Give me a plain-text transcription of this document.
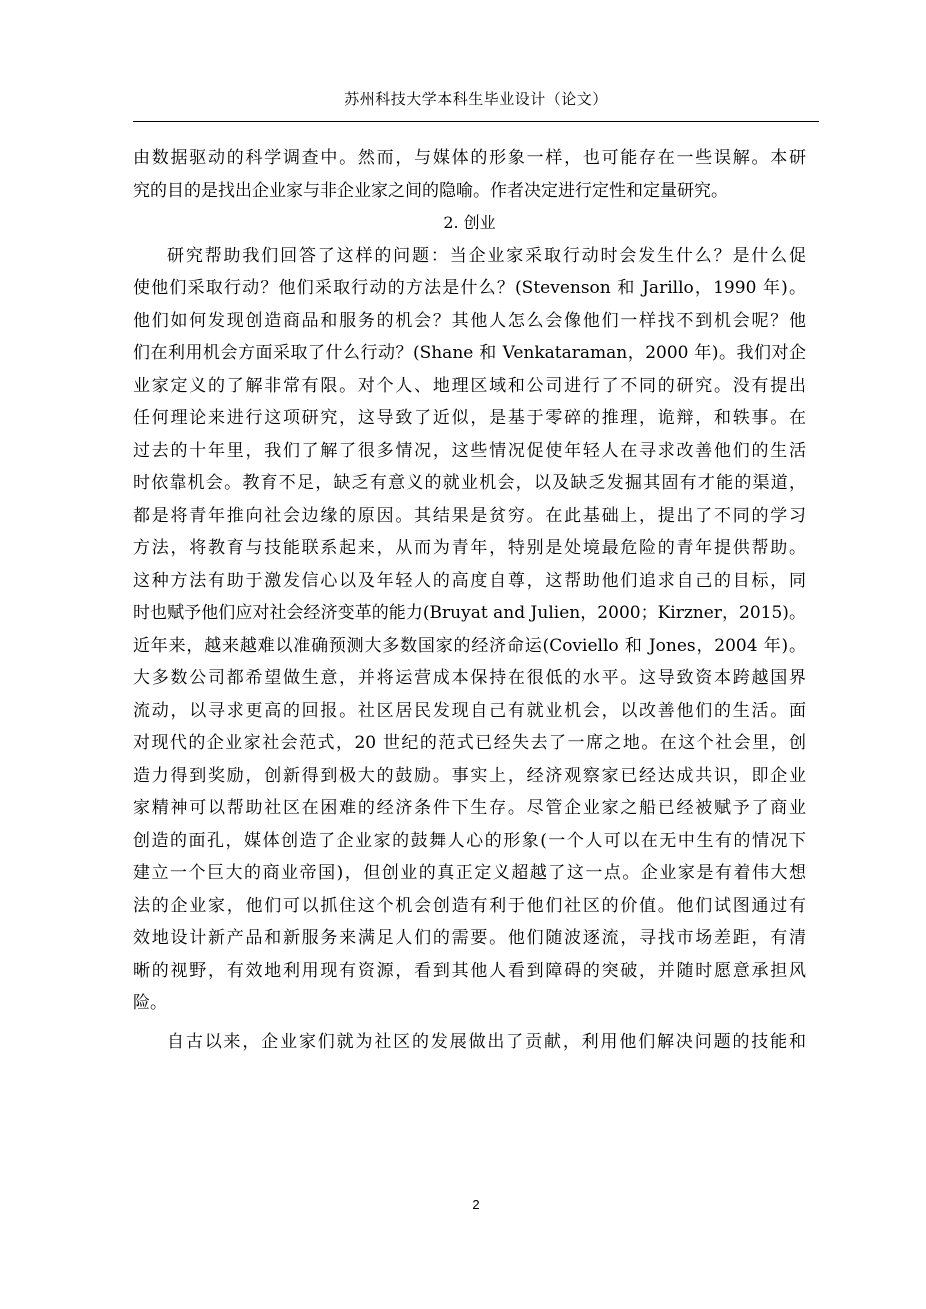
苏州科技大学本科生毕业设计（论文）
由数据驱动的科学调查中。然而，与媒体的形象一样，也可能存在一些误解。本研
究的目的是找出企业家与非企业家之间的隐喻。作者决定进行定性和定量研究。
2. 创业
研究帮助我们回答了这样的问题：当企业家采取行动时会发生什么？是什么促
使他们采取行动？他们采取行动的方法是什么？(Stevenson 和 Jarillo，1990 年)。
他们如何发现创造商品和服务的机会？其他人怎么会像他们一样找不到机会呢？他
们在利用机会方面采取了什么行动？(Shane 和 Venkataraman，2000 年)。我们对企
业家定义的了解非常有限。对个人、地理区域和公司进行了不同的研究。没有提出
任何理论来进行这项研究，这导致了近似，是基于零碎的推理，诡辩，和轶事。在
过去的十年里，我们了解了很多情况，这些情况促使年轻人在寻求改善他们的生活
时依靠机会。教育不足，缺乏有意义的就业机会，以及缺乏发掘其固有才能的渠道，
都是将青年推向社会边缘的原因。其结果是贫穷。在此基础上，提出了不同的学习
方法，将教育与技能联系起来，从而为青年，特别是处境最危险的青年提供帮助。
这种方法有助于激发信心以及年轻人的高度自尊，这帮助他们追求自己的目标，同
时也赋予他们应对社会经济变革的能力(Bruyat and Julien，2000；Kirzner，2015)。
近年来，越来越难以准确预测大多数国家的经济命运(Coviello 和 Jones，2004 年)。
大多数公司都希望做生意，并将运营成本保持在很低的水平。这导致资本跨越国界
流动，以寻求更高的回报。社区居民发现自己有就业机会，以改善他们的生活。面
对现代的企业家社会范式，20 世纪的范式已经失去了一席之地。在这个社会里，创
造力得到奖励，创新得到极大的鼓励。事实上，经济观察家已经达成共识，即企业
家精神可以帮助社区在困难的经济条件下生存。尽管企业家之船已经被赋予了商业
创造的面孔，媒体创造了企业家的鼓舞人心的形象(一个人可以在无中生有的情况下
建立一个巨大的商业帝国)，但创业的真正定义超越了这一点。企业家是有着伟大想
法的企业家，他们可以抓住这个机会创造有利于他们社区的价值。他们试图通过有
效地设计新产品和新服务来满足人们的需要。他们随波逐流，寻找市场差距，有清
晰的视野，有效地利用现有资源，看到其他人看到障碍的突破，并随时愿意承担风
险。
自古以来，企业家们就为社区的发展做出了贡献，利用他们解决问题的技能和
2
